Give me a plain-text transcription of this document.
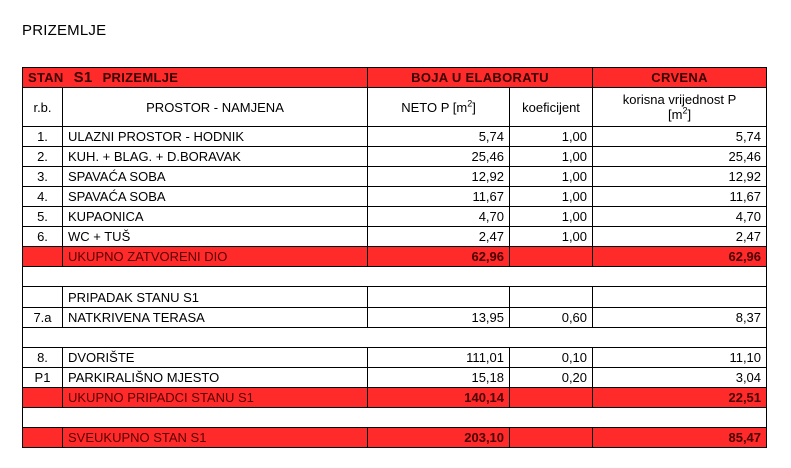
PRIZEMLJE
STAN S1 PRIZEMLJE		BOJA U ELABORATU		CRVENA
r.b.	PROSTOR - NAMJENA	NETO P $[m^2]$	koeficijent	korisna vrijednost P
$[m^2]$
1.	ULAZNI PROSTOR - HODNIK	5,74	1,00	5,74
2.	KUH. + BLAG. + D.BORAVAK	25,46	1,00	25,46
3.	SPAVAĆA SOBA	12,92	1,00	12,92
4.	SPAVAĆA SOBA	11,67	1,00	11,67
5.	KUPAONICA	4,70	1,00	4,70
6.	WC + TUŠ	2,47	1,00	2,47
	UKUPNO ZATVORENI DIO	62,96		62,96

	PRIPADAK STANU S1			
7.a	NATKRIVENA TERASA	13,95	0,60	8,37

8.	DVORIŠTE	111,01	0,10	11,10
P1	PARKIRALIŠNO MJESTO	15,18	0,20	3,04
	UKUPNO PRIPADCI STANU S1	140,14		22,51

	SVEUKUPNO STAN S1	203,10		85,47
